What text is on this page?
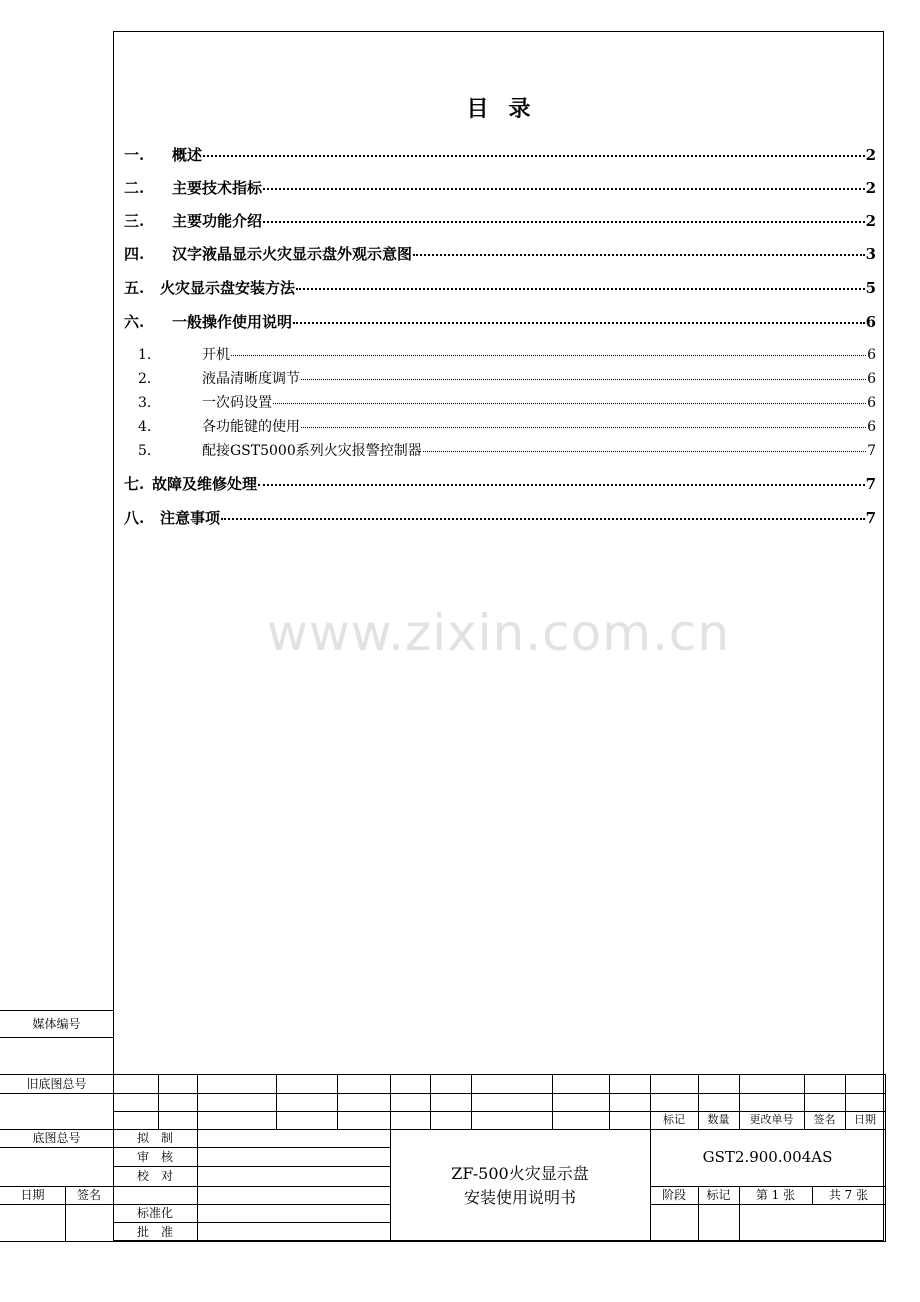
目录
一.	概述	2
二.	主要技术指标	2
三.	主要功能介绍	2
四.	汉字液晶显示火灾显示盘外观示意图	3
五.	火灾显示盘安装方法	5
六.	一般操作使用说明	6
1．	开机	6
2．	液晶清晰度调节	6
3．	一次码设置	6
4．	各功能键的使用	6
5．	配接GST5000系列火灾报警控制器	7
七. 故障及维修处理	7
八.	注意事项	7
www.zixin.com.cn
媒体编号
旧底图总号
底图总号
日期	签名
标记	数量	更改单号	签名	日期
拟　制
审　核
校　对
标准化
批　准
ZF-500火灾显示盘
安装使用说明书
GST2.900.004AS
阶段	标记	第 1 张	共 7 张
